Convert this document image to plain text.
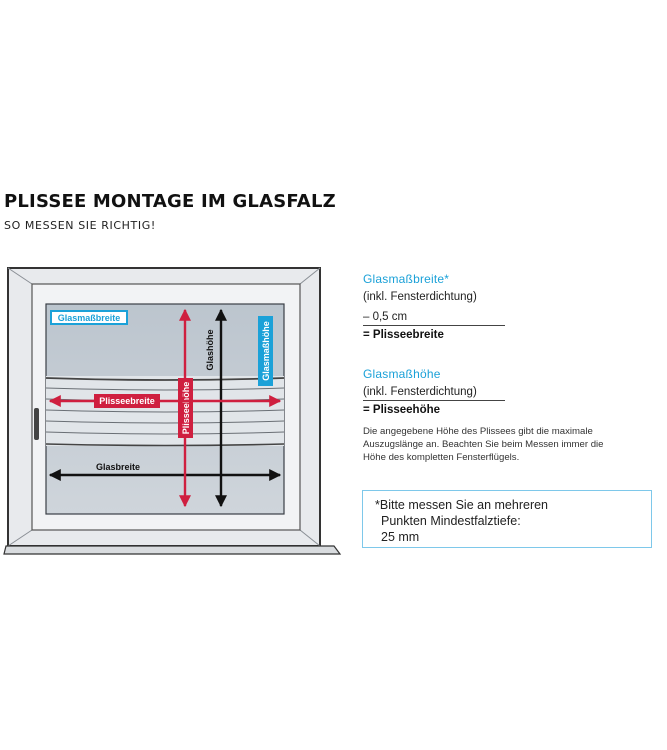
PLISSEE MONTAGE IM GLASFALZ

SO MESSEN SIE RICHTIG!

Glasmaßbreite
Glasmaßhöhe
Glashöhe
Glasbreite
Plisseehöhe
Plisseebreite

Glasmaßbreite*

(inkl. Fensterdichtung)

– 0,5 cm

= Plisseebreite

Glasmaßhöhe

(inkl. Fensterdichtung)

= Plisseehöhe

Die angegebene Höhe des Plissees gibt die maximale
Auszugslänge an. Beachten Sie beim Messen immer die
Höhe des kompletten Fensterflügels.
*Bitte messen Sie an mehreren
Punkten Mindestfalztiefe:
25 mm
